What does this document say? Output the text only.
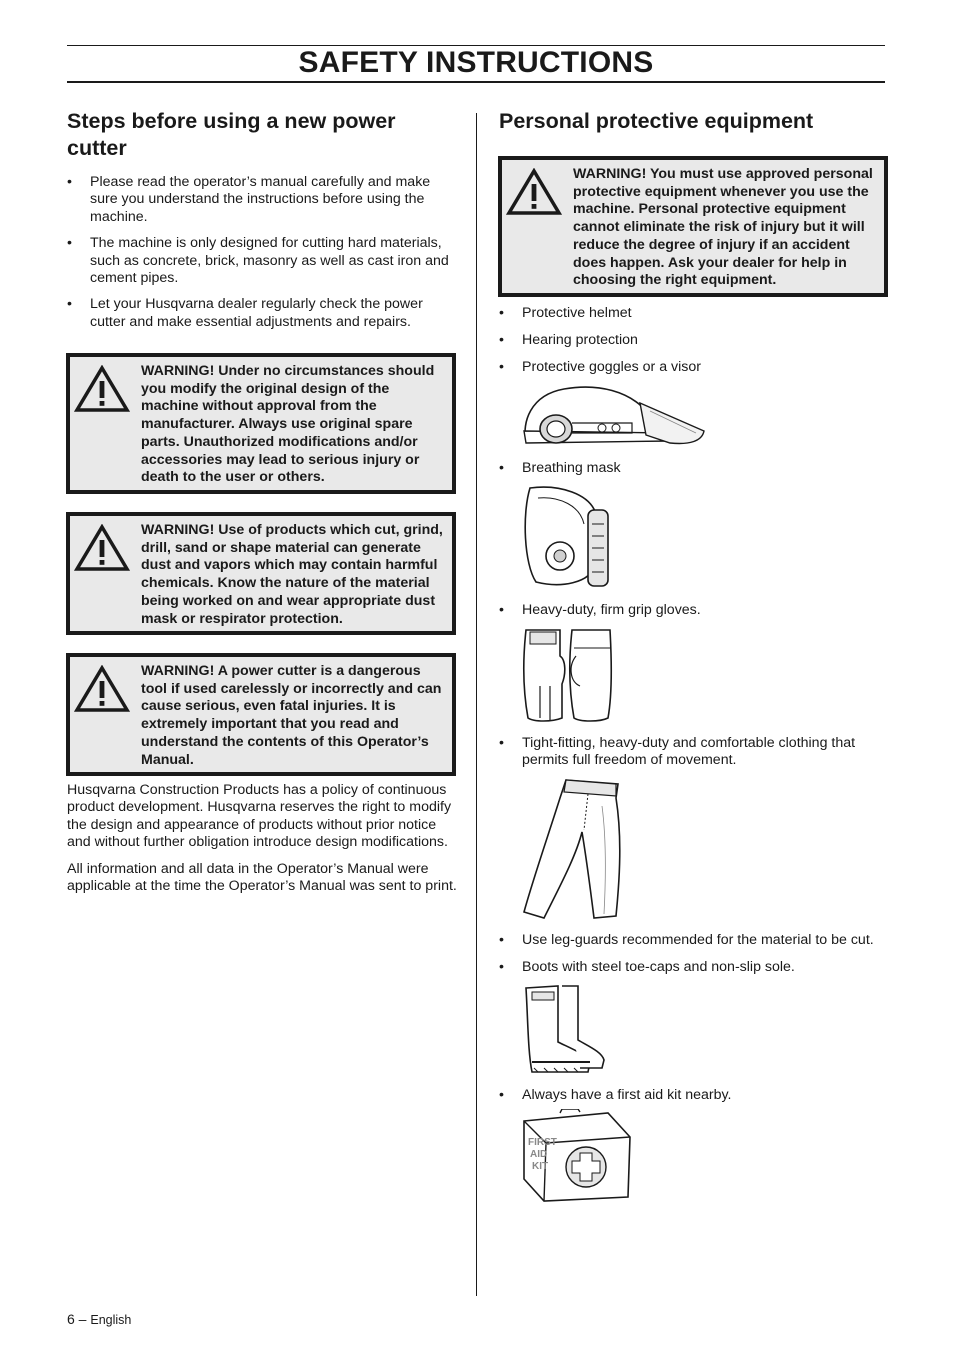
SAFETY INSTRUCTIONS
Steps before using a new power cutter
• Please read the operator’s manual carefully and make sure you understand the instructions before using the machine.
• The machine is only designed for cutting hard materials, such as concrete, brick, masonry as well as cast iron and cement pipes.
• Let your Husqvarna dealer regularly check the power cutter and make essential adjustments and repairs.
WARNING! Under no circumstances should you modify the original design of the machine without approval from the manufacturer. Always use original spare parts. Unauthorized modifications and/or accessories may lead to serious injury or death to the user or others.
WARNING! Use of products which cut, grind, drill, sand or shape material can generate dust and vapors which may contain harmful chemicals. Know the nature of the material being worked on and wear appropriate dust mask or respirator protection.
WARNING! A power cutter is a dangerous tool if used carelessly or incorrectly and can cause serious, even fatal injuries. It is extremely important that you read and understand the contents of this Operator’s Manual.

Husqvarna Construction Products has a policy of continuous product development. Husqvarna reserves the right to modify the design and appearance of products without prior notice and without further obligation introduce design modifications.

All information and all data in the Operator’s Manual were applicable at the time the Operator’s Manual was sent to print.

Personal protective equipment
WARNING! You must use approved personal protective equipment whenever you use the machine. Personal protective equipment cannot eliminate the risk of injury but it will reduce the degree of injury if an accident does happen. Ask your dealer for help in choosing the right equipment.
• Protective helmet
• Hearing protection
• Protective goggles or a visor
• Breathing mask
• Heavy-duty, firm grip gloves.
• Tight-fitting, heavy-duty and comfortable clothing that permits full freedom of movement.
• Use leg-guards recommended for the material to be cut.
• Boots with steel toe-caps and non-slip sole.
• Always have a first aid kit nearby.
FIRST
AID
KIT
6 – English
